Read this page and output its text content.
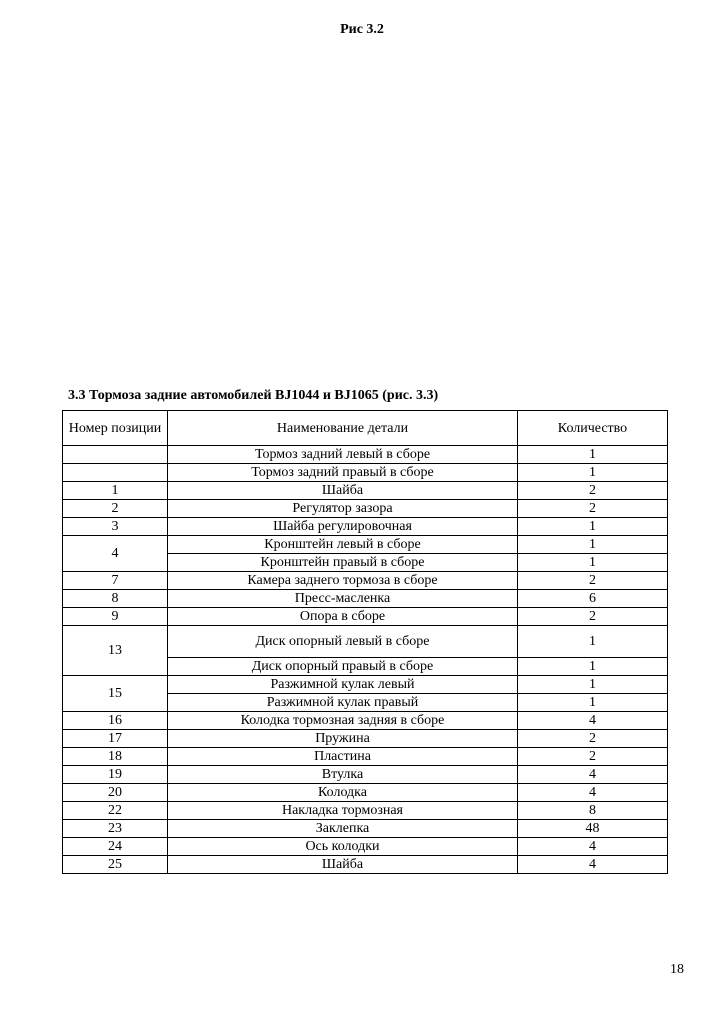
Рис 3.2
3.3 Тормоза задние автомобилей BJ1044 и BJ1065 (рис. 3.3)
Номер позиции	Наименование детали	Количество
	Тормоз задний левый в сборе	1
	Тормоз задний правый в сборе	1
1	Шайба	2
2	Регулятор зазора	2
3	Шайба регулировочная	1
4	Кронштейн левый в сборе	1
	Кронштейн правый в сборе	1
7	Камера заднего тормоза в сборе	2
8	Пресс-масленка	6
9	Опора в сборе	2
13	Диск опорный левый в сборе	1
	Диск опорный правый в сборе	1
15	Разжимной кулак левый	1
	Разжимной кулак правый	1
16	Колодка тормозная задняя в сборе	4
17	Пружина	2
18	Пластина	2
19	Втулка	4
20	Колодка	4
22	Накладка тормозная	8
23	Заклепка	48
24	Ось колодки	4
25	Шайба	4
18
